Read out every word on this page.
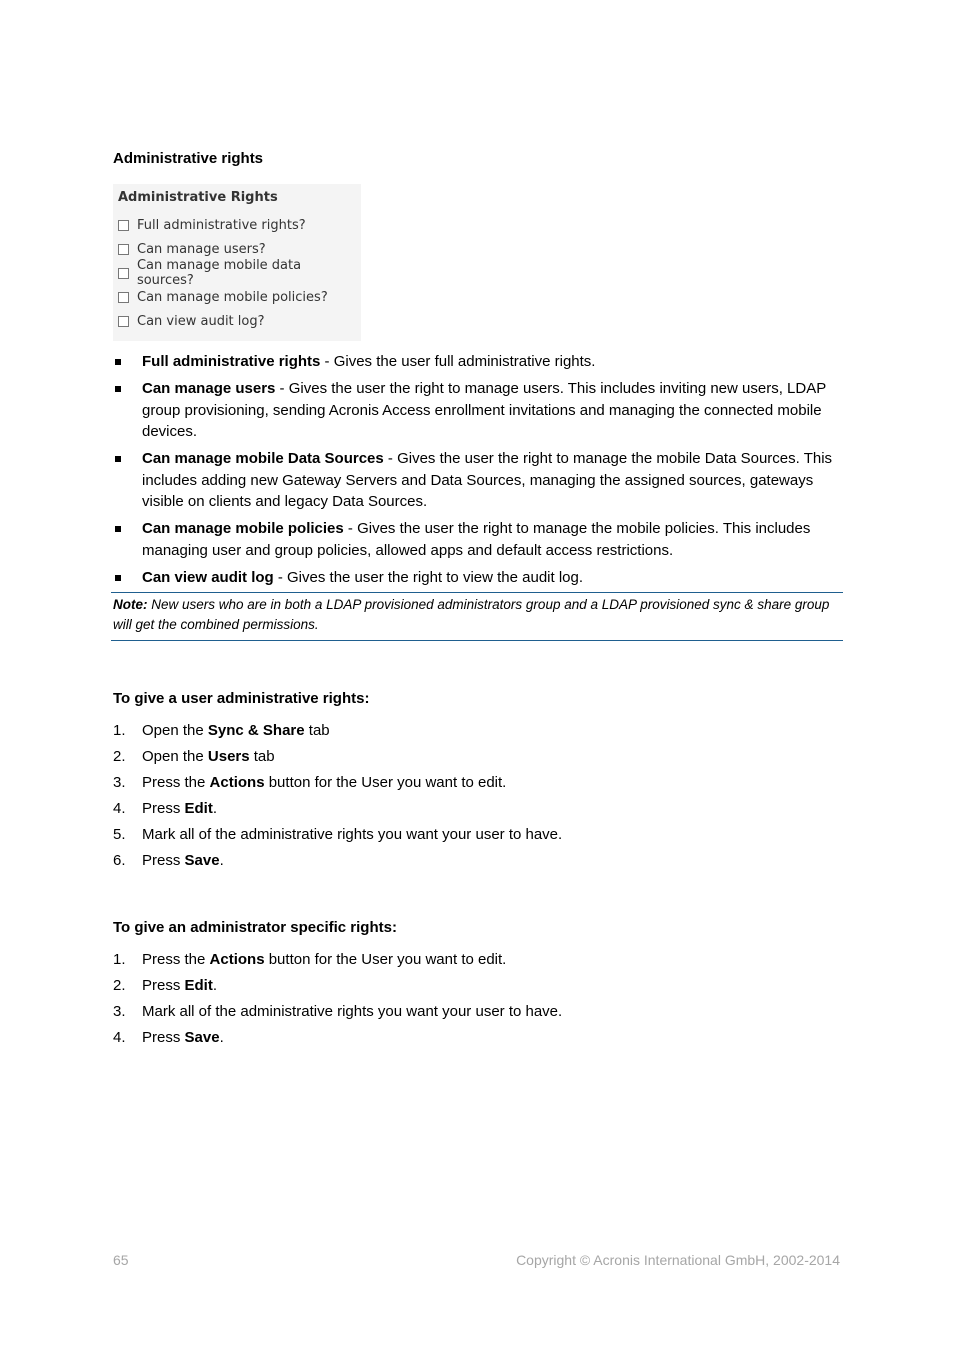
Administrative rights
Administrative Rights
Full administrative rights?
Can manage users?
Can manage mobile data sources?
Can manage mobile policies?
Can view audit log?
Full administrative rights - Gives the user full administrative rights.
Can manage users - Gives the user the right to manage users. This includes inviting new users, LDAP group provisioning, sending Acronis Access enrollment invitations and managing the connected mobile devices.
Can manage mobile Data Sources - Gives the user the right to manage the mobile Data Sources. This includes adding new Gateway Servers and Data Sources, managing the assigned sources, gateways visible on clients and legacy Data Sources.
Can manage mobile policies - Gives the user the right to manage the mobile policies. This includes managing user and group policies, allowed apps and default access restrictions.
Can view audit log - Gives the user the right to view the audit log.
Note: New users who are in both a LDAP provisioned administrators group and a LDAP provisioned sync & share group will get the combined permissions.
To give a user administrative rights:
1. Open the Sync & Share tab
2. Open the Users tab
3. Press the Actions button for the User you want to edit.
4. Press Edit.
5. Mark all of the administrative rights you want your user to have.
6. Press Save.
To give an administrator specific rights:
1. Press the Actions button for the User you want to edit.
2. Press Edit.
3. Mark all of the administrative rights you want your user to have.
4. Press Save.
65	Copyright © Acronis International GmbH, 2002-2014
